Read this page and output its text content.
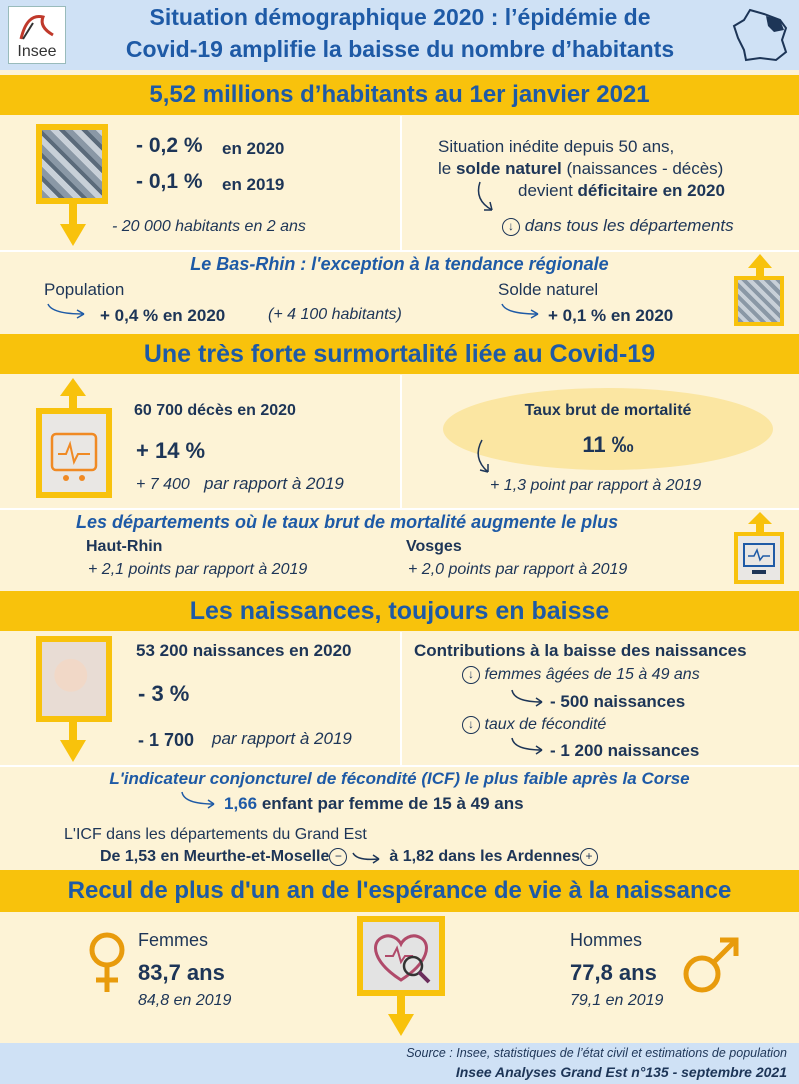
Insee
Situation démographique 2020 : l’épidémie de
Covid-19 amplifie la baisse du nombre d’habitants
5,52 millions d’habitants au 1er janvier 2021
- 0,2 % en 2020
- 0,1 % en 2019
- 20 000 habitants en 2 ans
Situation inédite depuis 50 ans,
le solde naturel (naissances - décès)
devient déficitaire en 2020
↓ dans tous les départements
Le Bas-Rhin : l'exception à la tendance régionale
Population
+ 0,4 % en 2020	(+ 4 100 habitants)
Solde naturel
+ 0,1 % en 2020
Une très forte surmortalité liée au Covid-19
60 700 décès en 2020
+ 14 %
+ 7 400 par rapport à 2019
Taux brut de mortalité
11 ‰
+ 1,3 point par rapport à 2019
Les départements où le taux brut de mortalité augmente le plus
Haut-Rhin
+ 2,1 points par rapport à 2019
Vosges
+ 2,0 points par rapport à 2019
Les naissances, toujours en baisse
53 200 naissances en 2020
- 3 %
- 1 700 par rapport à 2019
Contributions à la baisse des naissances
↓ femmes âgées de 15 à 49 ans
- 500 naissances
↓ taux de fécondité
- 1 200 naissances
L'indicateur conjoncturel de fécondité (ICF) le plus faible après la Corse
1,66 enfant par femme de 15 à 49 ans
L'ICF dans les départements du Grand Est
De 1,53 en Meurthe-et-Moselle −	à 1,82 dans les Ardennes +
Recul de plus d'un an de l'espérance de vie à la naissance
Femmes
83,7 ans
84,8 en 2019
Hommes
77,8 ans
79,1 en 2019
Source : Insee, statistiques de l’état civil et estimations de population
Insee Analyses Grand Est n°135 - septembre 2021
